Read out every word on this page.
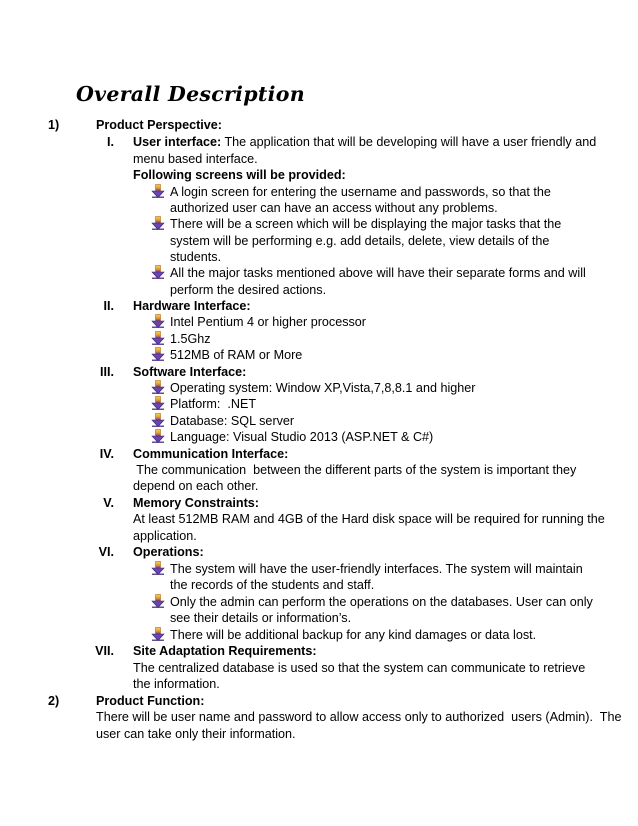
Overall Description
1)	Product Perspective:
I. User interface: The application that will be developing will have a user friendly and
menu based interface.
Following screens will be provided:
A login screen for entering the username and passwords, so that the
authorized user can have an access without any problems.
There will be a screen which will be displaying the major tasks that the
system will be performing e.g. add details, delete, view details of the
students.
All the major tasks mentioned above will have their separate forms and will
perform the desired actions.
II. Hardware Interface:
Intel Pentium 4 or higher processor
1.5Ghz
512MB of RAM or More
III. Software Interface:
Operating system: Window XP,Vista,7,8,8.1 and higher
Platform:  .NET
Database: SQL server
Language: Visual Studio 2013 (ASP.NET & C#)
IV. Communication Interface:
The communication  between the different parts of the system is important they
depend on each other.
V. Memory Constraints:
At least 512MB RAM and 4GB of the Hard disk space will be required for running the
application.
VI. Operations:
The system will have the user-friendly interfaces. The system will maintain
the records of the students and staff.
Only the admin can perform the operations on the databases. User can only
see their details or information’s.
There will be additional backup for any kind damages or data lost.
VII. Site Adaptation Requirements:
The centralized database is used so that the system can communicate to retrieve
the information.
2)	Product Function:
There will be user name and password to allow access only to authorized  users (Admin).  The
user can take only their information.
